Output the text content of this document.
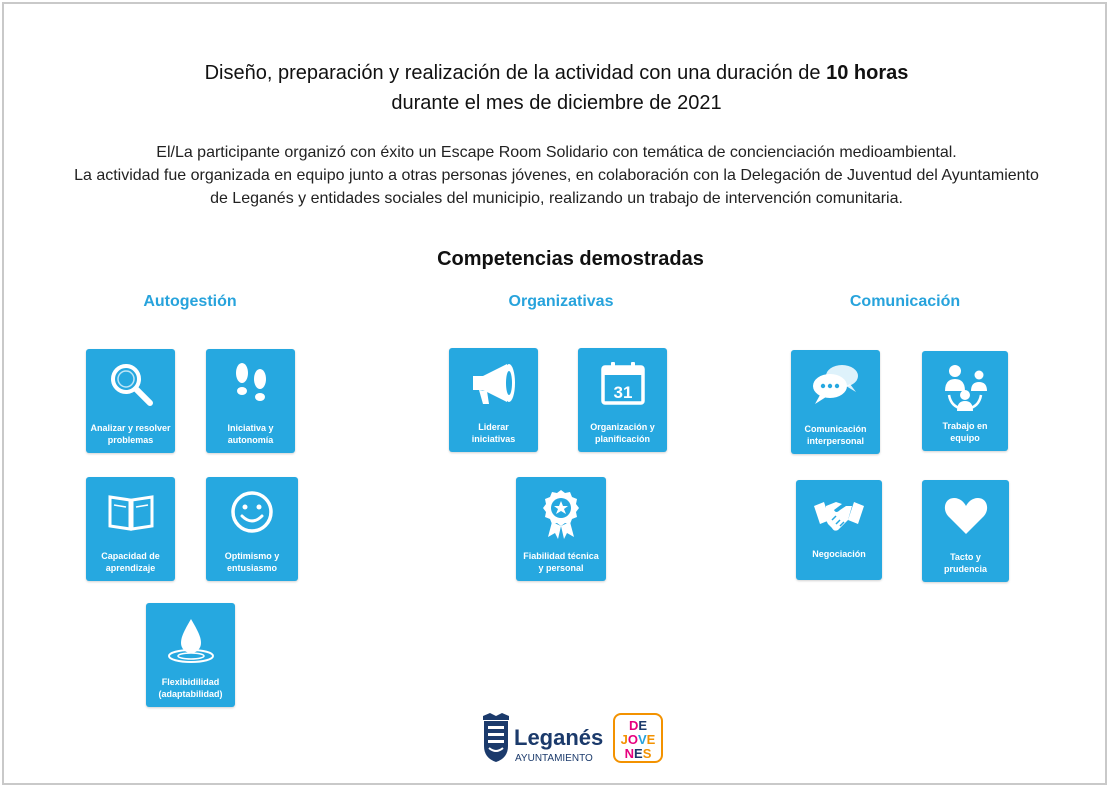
Diseño, preparación y realización de la actividad con una duración de 10 horas
durante el mes de diciembre de 2021
El/La participante organizó con éxito un Escape Room Solidario con temática de concienciación medioambiental.
La actividad fue organizada en equipo junto a otras personas jóvenes, en colaboración con la Delegación de Juventud del Ayuntamiento
de Leganés y entidades sociales del municipio, realizando un trabajo de intervención comunitaria.
Competencias demostradas
Autogestión	Organizativas	Comunicación
Analizar y resolver
problemas
Iniciativa y
autonomía
Capacidad de
aprendizaje
Optimismo y
entusiasmo
Flexibidilidad
(adaptabilidad)
Liderar
iniciativas
31
Organización y
planificación
Fiabilidad técnica
y personal
Comunicación
interpersonal
Trabajo en
equipo
Negociación	Tacto y
prudencia
Leganés
AYUNTAMIENTO
DE
JOVE
NES
